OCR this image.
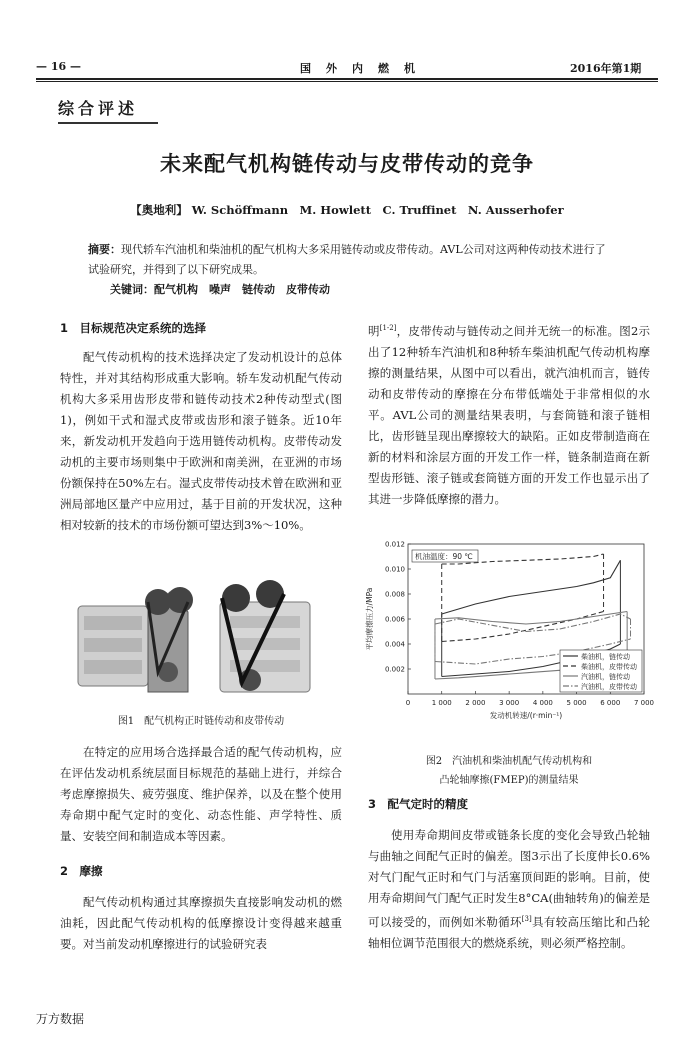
— 16 —	国　外　内　燃　机	2016年第1期
综合评述
未来配气机构链传动与皮带传动的竞争
【奥地利】 W. Schöffmann　M. Howlett　C. Truffinet　N. Ausserhofer
摘要：现代轿车汽油机和柴油机的配气机构大多采用链传动或皮带传动。AVL公司对这两种传动技术进行了试验研究，并得到了以下研究成果。
关键词：配气机构　噪声　链传动　皮带传动
1　目标规范决定系统的选择

配气传动机构的技术选择决定了发动机设计的总体特性，并对其结构形成重大影响。轿车发动机配气传动机构大多采用齿形皮带和链传动技术2种传动型式(图1)，例如干式和湿式皮带或齿形和滚子链条。近10年来，新发动机开发趋向于选用链传动机构。皮带传动发动机的主要市场则集中于欧洲和南美洲，在亚洲的市场份额保持在50%左右。湿式皮带传动技术曾在欧洲和亚洲局部地区量产中应用过，基于目前的开发状况，这种相对较新的技术的市场份额可望达到3%～10%。

图1　配气机构正时链传动和皮带传动

在特定的应用场合选择最合适的配气传动机构，应在评估发动机系统层面目标规范的基础上进行，并综合考虑摩擦损失、疲劳强度、维护保养，以及在整个使用寿命期中配气定时的变化、动态性能、声学特性、质量、安装空间和制造成本等因素。

2　摩擦

配气传动机构通过其摩擦损失直接影响发动机的燃油耗，因此配气传动机构的低摩擦设计变得越来越重要。对当前发动机摩擦进行的试验研究表

明[1-2]，皮带传动与链传动之间并无统一的标准。图2示出了12种轿车汽油机和8种轿车柴油机配气传动机构摩擦的测量结果，从图中可以看出，就汽油机而言，链传动和皮带传动的摩擦在分布带低端处于非常相似的水平。AVL公司的测量结果表明，与套筒链和滚子链相比，齿形链呈现出摩擦较大的缺陷。正如皮带制造商在新的材料和涂层方面的开发工作一样，链条制造商在新型齿形链、滚子链或套筒链方面的开发工作也显示出了其进一步降低摩擦的潜力。

0	1 000 2 000 3 000 4 000 5 000 6 000 7 000
0.002
0.004
0.006
0.008
0.010
0.012
发动机转速/(r·min⁻¹)
平均摩擦压力/MPa
机油温度：90 ℃
柴油机，链传动
柴油机，皮带传动
汽油机，链传动
汽油机，皮带传动
图2　汽油机和柴油机配气传动机构和
凸轮轴摩擦(FMEP)的测量结果
3　配气定时的精度

使用寿命期间皮带或链条长度的变化会导致凸轮轴与曲轴之间配气正时的偏差。图3示出了长度伸长0.6%对气门配气正时和气门与活塞顶间距的影响。目前，使用寿命期间气门配气正时发生8°CA(曲轴转角)的偏差是可以接受的，而例如米勒循环[3]具有较高压缩比和凸轮轴相位调节范围很大的燃烧系统，则必须严格控制。

万方数据
